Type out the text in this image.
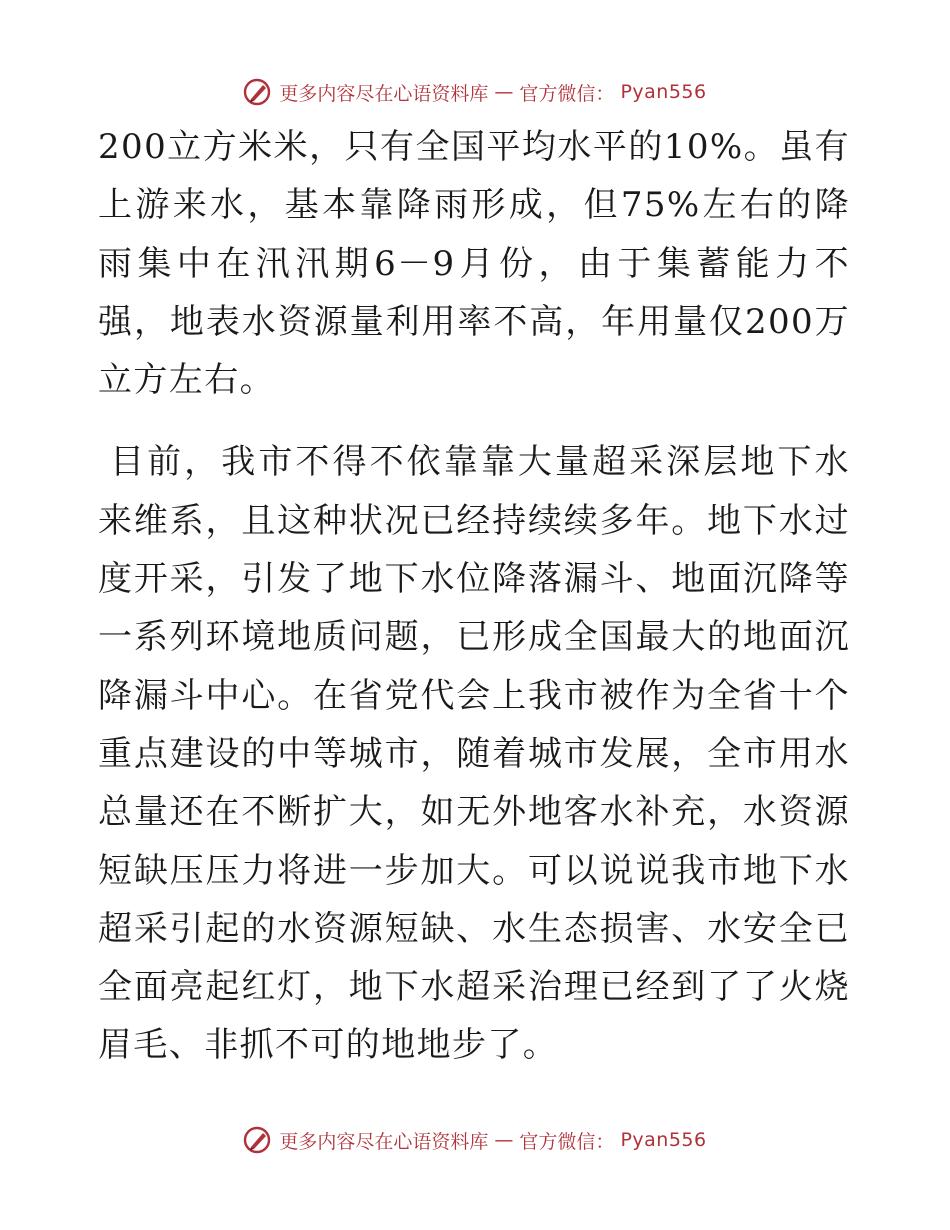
更多内容尽在心语资料库 — 官方微信： Pyan556

200立方米米，只有全国平均水平的10%。虽有上游来水，基本靠降雨形成，但75%左右的降雨集中在汛汛期6－9月份，由于集蓄能力不强，地表水资源量利用率不高，年用量仅200万立方左右。

目前，我市不得不依靠靠大量超采深层地下水来维系，且这种状况已经持续续多年。地下水过度开采，引发了地下水位降落漏斗、地面沉降等一系列环境地质问题，已形成全国最大的地面沉降漏斗中心。在省党代会上我市被作为全省十个重点建设的中等城市，随着城市发展，全市用水总量还在不断扩大，如无外地客水补充，水资源短缺压压力将进一步加大。可以说说我市地下水超采引起的水资源短缺、水生态损害、水安全已全面亮起红灯，地下水超采治理已经到了了火烧眉毛、非抓不可的地地步了。

更多内容尽在心语资料库 — 官方微信： Pyan556
